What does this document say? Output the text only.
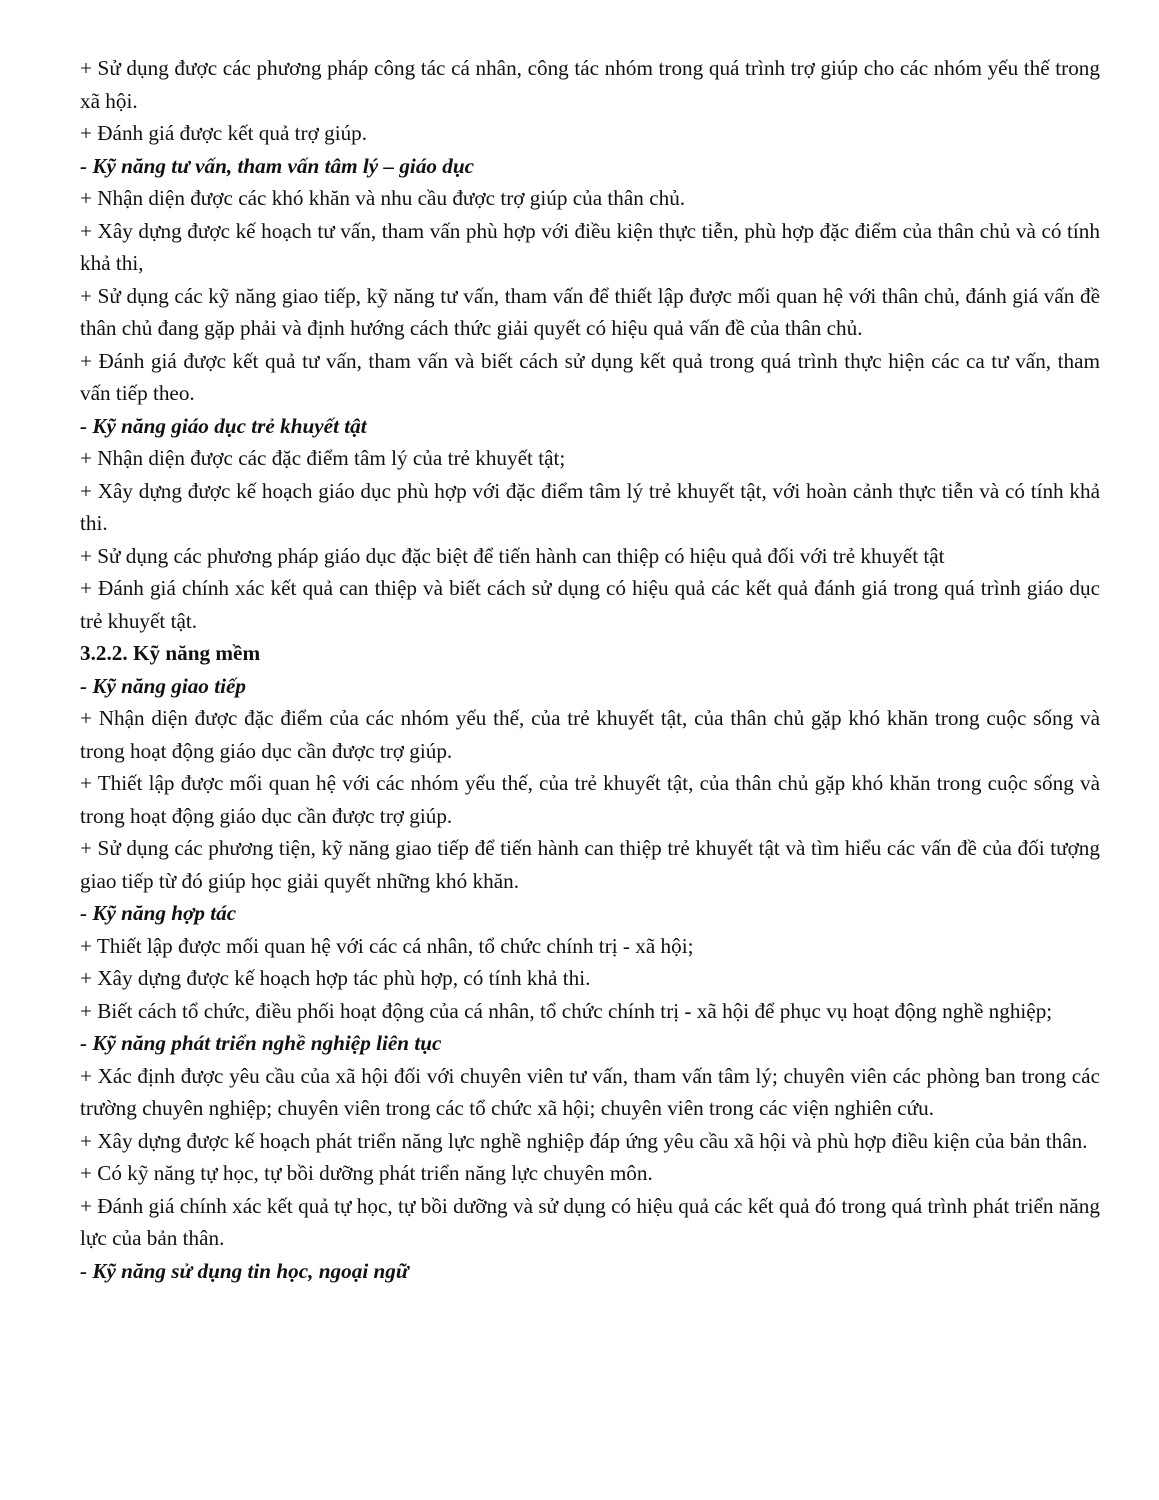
+ Sử dụng được các phương pháp công tác cá nhân, công tác nhóm trong quá trình trợ giúp cho các nhóm yếu thế trong xã hội.

+ Đánh giá được kết quả trợ giúp.

- Kỹ năng tư vấn, tham vấn tâm lý – giáo dục

+ Nhận diện được các khó khăn và nhu cầu được trợ giúp của thân chủ.

+ Xây dựng được kế hoạch tư vấn, tham vấn phù hợp với điều kiện thực tiễn, phù hợp đặc điểm của thân chủ và có tính khả thi,

+ Sử dụng các kỹ năng giao tiếp, kỹ năng tư vấn, tham vấn để thiết lập được mối quan hệ với thân chủ, đánh giá vấn đề thân chủ đang gặp phải và định hướng cách thức giải quyết có hiệu quả vấn đề của thân chủ.

+ Đánh giá được kết quả tư vấn, tham vấn và biết cách sử dụng kết quả trong quá trình thực hiện các ca tư vấn, tham vấn tiếp theo.

- Kỹ năng giáo dục trẻ khuyết tật

+ Nhận diện được các đặc điểm tâm lý của trẻ khuyết tật;

+ Xây dựng được kế hoạch giáo dục phù hợp với đặc điểm tâm lý trẻ khuyết tật, với hoàn cảnh thực tiễn và có tính khả thi.

+ Sử dụng các phương pháp giáo dục đặc biệt để tiến hành can thiệp có hiệu quả đối với trẻ khuyết tật

+ Đánh giá chính xác kết quả can thiệp và biết cách sử dụng có hiệu quả các kết quả đánh giá trong quá trình giáo dục trẻ khuyết tật.

3.2.2. Kỹ năng mềm

- Kỹ năng giao tiếp

+ Nhận diện được đặc điểm của các nhóm yếu thế, của trẻ khuyết tật, của thân chủ gặp khó khăn trong cuộc sống và trong hoạt động giáo dục cần được trợ giúp.

+ Thiết lập được mối quan hệ với các nhóm yếu thế, của trẻ khuyết tật, của thân chủ gặp khó khăn trong cuộc sống và trong hoạt động giáo dục cần được trợ giúp.

+ Sử dụng các phương tiện, kỹ năng giao tiếp để tiến hành can thiệp trẻ khuyết tật và tìm hiểu các vấn đề của đối tượng giao tiếp từ đó giúp học giải quyết những khó khăn.

- Kỹ năng hợp tác

+ Thiết lập được mối quan hệ với các cá nhân, tổ chức chính trị - xã hội;

+ Xây dựng được kế hoạch hợp tác phù hợp, có tính khả thi.

+ Biết cách tổ chức, điều phối hoạt động của cá nhân, tổ chức chính trị - xã hội để phục vụ hoạt động nghề nghiệp;

- Kỹ năng phát triển nghề nghiệp liên tục

+ Xác định được yêu cầu của xã hội đối với chuyên viên tư vấn, tham vấn tâm lý; chuyên viên các phòng ban trong các trường chuyên nghiệp; chuyên viên trong các tổ chức xã hội; chuyên viên trong các viện nghiên cứu.

+ Xây dựng được kế hoạch phát triển năng lực nghề nghiệp đáp ứng yêu cầu xã hội và phù hợp điều kiện của bản thân.

+ Có kỹ năng tự học, tự bồi dưỡng phát triển năng lực chuyên môn.

+ Đánh giá chính xác kết quả tự học, tự bồi dưỡng và sử dụng có hiệu quả các kết quả đó trong quá trình phát triển năng lực của bản thân.

- Kỹ năng sử dụng tin học, ngoại ngữ
